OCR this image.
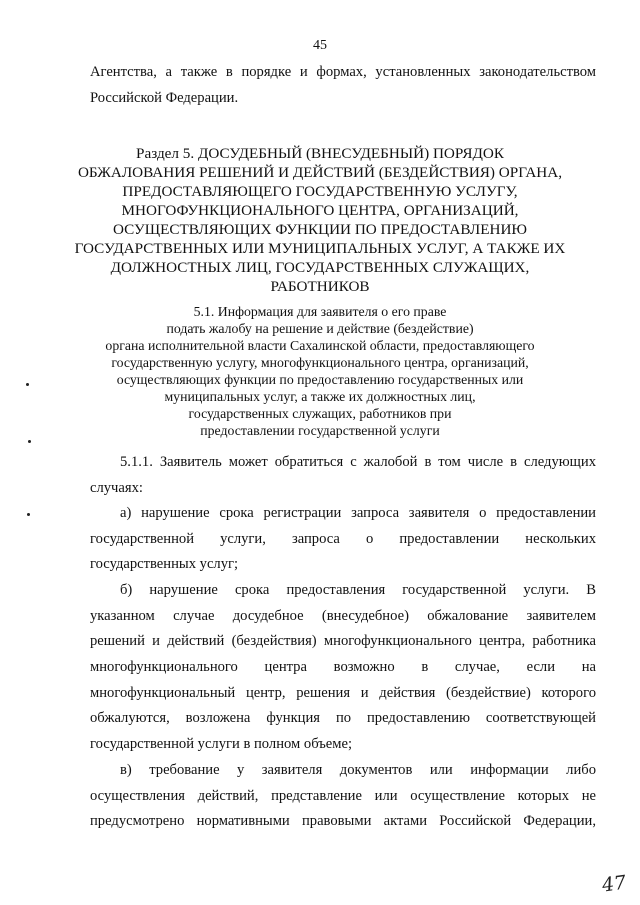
45
Агентства, а также в порядке и формах, установленных законодательством
Российской Федерации.
Раздел 5. ДОСУДЕБНЫЙ (ВНЕСУДЕБНЫЙ) ПОРЯДОК
ОБЖАЛОВАНИЯ РЕШЕНИЙ И ДЕЙСТВИЙ (БЕЗДЕЙСТВИЯ) ОРГАНА,
ПРЕДОСТАВЛЯЮЩЕГО ГОСУДАРСТВЕННУЮ УСЛУГУ,
МНОГОФУНКЦИОНАЛЬНОГО ЦЕНТРА, ОРГАНИЗАЦИЙ,
ОСУЩЕСТВЛЯЮЩИХ ФУНКЦИИ ПО ПРЕДОСТАВЛЕНИЮ
ГОСУДАРСТВЕННЫХ ИЛИ МУНИЦИПАЛЬНЫХ УСЛУГ, А ТАКЖЕ ИХ
ДОЛЖНОСТНЫХ ЛИЦ, ГОСУДАРСТВЕННЫХ СЛУЖАЩИХ,
РАБОТНИКОВ
5.1. Информация для заявителя о его праве
подать жалобу на решение и действие (бездействие)
органа исполнительной власти Сахалинской области, предоставляющего
государственную услугу, многофункционального центра, организаций,
осуществляющих функции по предоставлению государственных или
муниципальных услуг, а также их должностных лиц,
государственных служащих, работников при
предоставлении государственной услуги
5.1.1. Заявитель может обратиться с жалобой в том числе в следующих
случаях:
а) нарушение срока регистрации запроса заявителя о предоставлении
государственной услуги, запроса о предоставлении нескольких
государственных услуг;
б) нарушение срока предоставления государственной услуги. В
указанном случае досудебное (внесудебное) обжалование заявителем
решений и действий (бездействия) многофункционального центра, работника
многофункционального центра возможно в случае, если на
многофункциональный центр, решения и действия (бездействие) которого
обжалуются, возложена функция по предоставлению соответствующей
государственной услуги в полном объеме;
в) требование у заявителя документов или информации либо
осуществления действий, представление или осуществление которых не
предусмотрено нормативными правовыми актами Российской Федерации,
47
